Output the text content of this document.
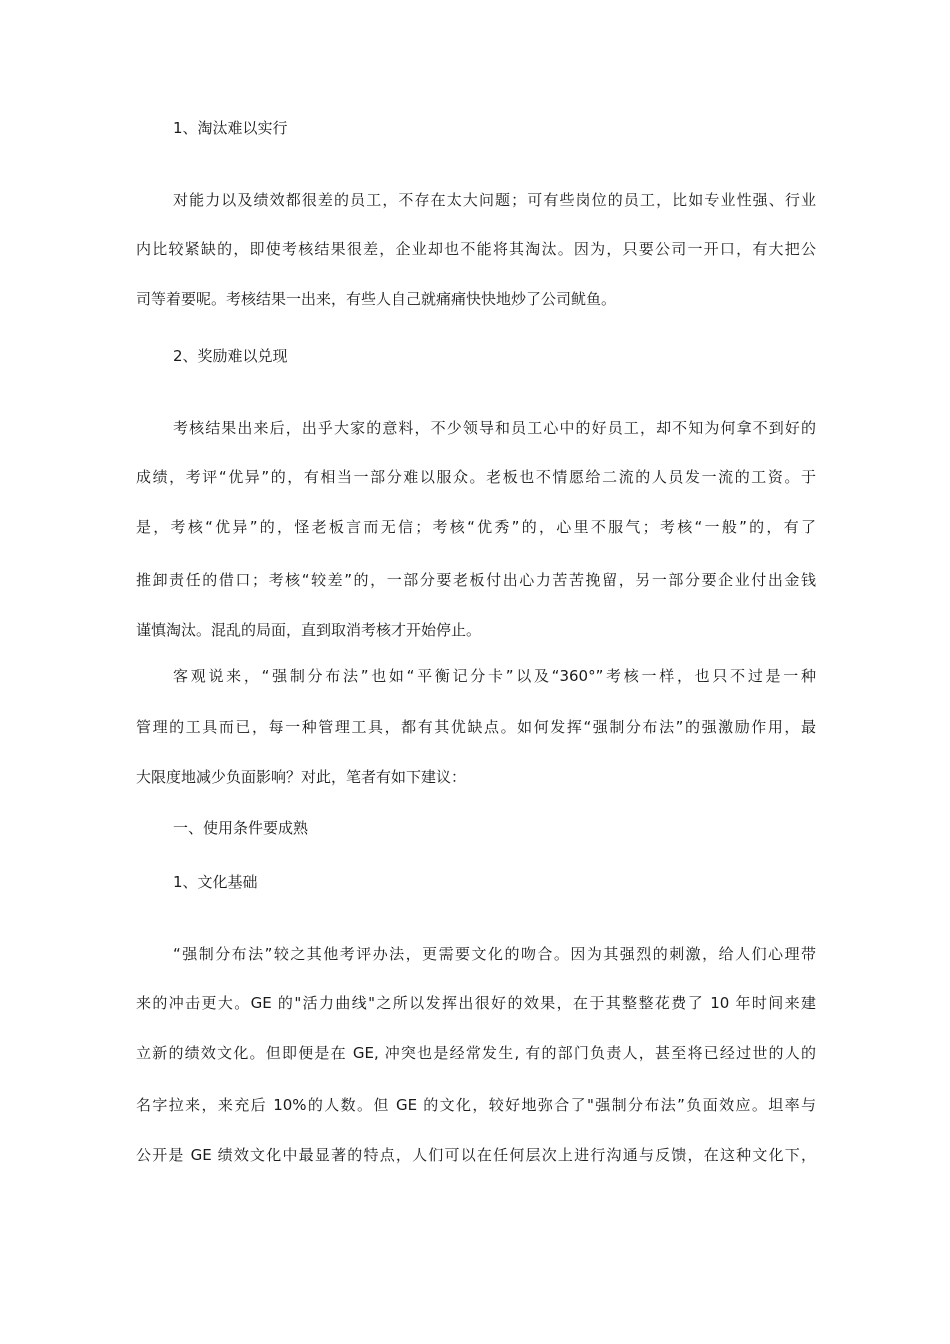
1、淘汰难以实行
对能力以及绩效都很差的员工，不存在太大问题；可有些岗位的员工，比如专业性强、行业
内比较紧缺的，即使考核结果很差，企业却也不能将其淘汰。因为，只要公司一开口，有大把公
司等着要呢。考核结果一出来，有些人自己就痛痛快快地炒了公司鱿鱼。
2、奖励难以兑现
考核结果出来后，出乎大家的意料，不少领导和员工心中的好员工，却不知为何拿不到好的
成绩，考评“优异”的，有相当一部分难以服众。老板也不情愿给二流的人员发一流的工资。于
是，考核“优异”的，怪老板言而无信；考核“优秀”的，心里不服气；考核“一般”的，有了
推卸责任的借口；考核“较差”的，一部分要老板付出心力苦苦挽留，另一部分要企业付出金钱
谨慎淘汰。混乱的局面，直到取消考核才开始停止。
客观说来，“强制分布法”也如“平衡记分卡”以及“360°”考核一样，也只不过是一种
管理的工具而已，每一种管理工具，都有其优缺点。如何发挥“强制分布法”的强激励作用，最
大限度地减少负面影响？对此，笔者有如下建议：
一、使用条件要成熟
1、文化基础
“强制分布法”较之其他考评办法，更需要文化的吻合。因为其强烈的刺激，给人们心理带
来的冲击更大。GE 的"活力曲线"之所以发挥出很好的效果，在于其整整花费了 10 年时间来建
立新的绩效文化。但即便是在 GE, 冲突也是经常发生, 有的部门负责人，甚至将已经过世的人的
名字拉来，来充后 10%的人数。但 GE 的文化，较好地弥合了"强制分布法”负面效应。坦率与
公开是 GE 绩效文化中最显著的特点，人们可以在任何层次上进行沟通与反馈，在这种文化下，
